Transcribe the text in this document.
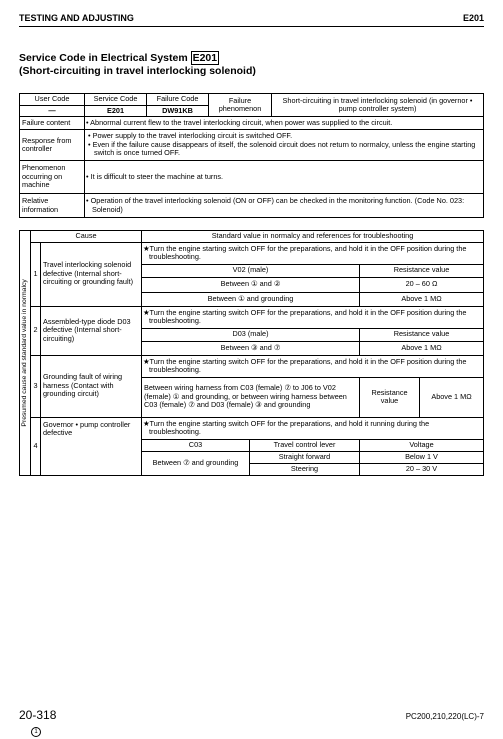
TESTING AND ADJUSTING	E201
Service Code in Electrical System E201
(Short-circuiting in travel interlocking solenoid)
User Code	Service Code	Failure Code	Failure phenomenon	Short-circuiting in travel interlocking solenoid (in governor • pump controller system)
—	E201	DW91KB		
Failure content	• Abnormal current flew to the travel interlocking circuit, when power was supplied to the circuit.			
Response from controller	• Power supply to the travel interlocking circuit is switched OFF.
• Even if the failure cause disappears of itself, the solenoid circuit does not return to normalcy, unless the engine starting switch is once turned OFF.			

Phenomenon occurring on machine	• It is difficult to steer the machine at turns.			
Relative information	• Operation of the travel interlocking solenoid (ON or OFF) can be checked in the monitoring function. (Code No. 023: Solenoid)			
Presumed cause and standard value in normalcy	Cause		Standard value in normalcy and references for troubleshooting			
	1	Travel interlocking solenoid defective (Internal short-circuiting or grounding fault)	★Turn the engine starting switch OFF for the preparations, and hold it in the OFF position during the troubleshooting.			
			V02 (male)		Resistance value	
			Between ① and ②		20 – 60 Ω	
			Between ① and grounding		Above 1 MΩ	
	2	Assembled-type diode D03 defective (Internal short-circuiting)	★Turn the engine starting switch OFF for the preparations, and hold it in the OFF position during the troubleshooting.			
			D03 (male)		Resistance value	
			Between ③ and ⑦		Above 1 MΩ	
	3	Grounding fault of wiring harness (Contact with grounding circuit)	★Turn the engine starting switch OFF for the preparations, and hold it in the OFF position during the troubleshooting.			
			Between wiring harness from C03 (female) ⑦ to J06 to V02 (female) ① and grounding, or between wiring harness between C03 (female) ⑦ and D03 (female) ③ and grounding		Resistance value	Above 1 MΩ
	4	Governor • pump controller defective	★Turn the engine starting switch OFF for the preparations, and hold it running during the troubleshooting.			
			C03	Travel control lever	Voltage	
			Between ⑦ and grounding	Straight forward	Below 1 V	
				Steering	20 – 30 V	
20-318
1
PC200,210,220(LC)-7
